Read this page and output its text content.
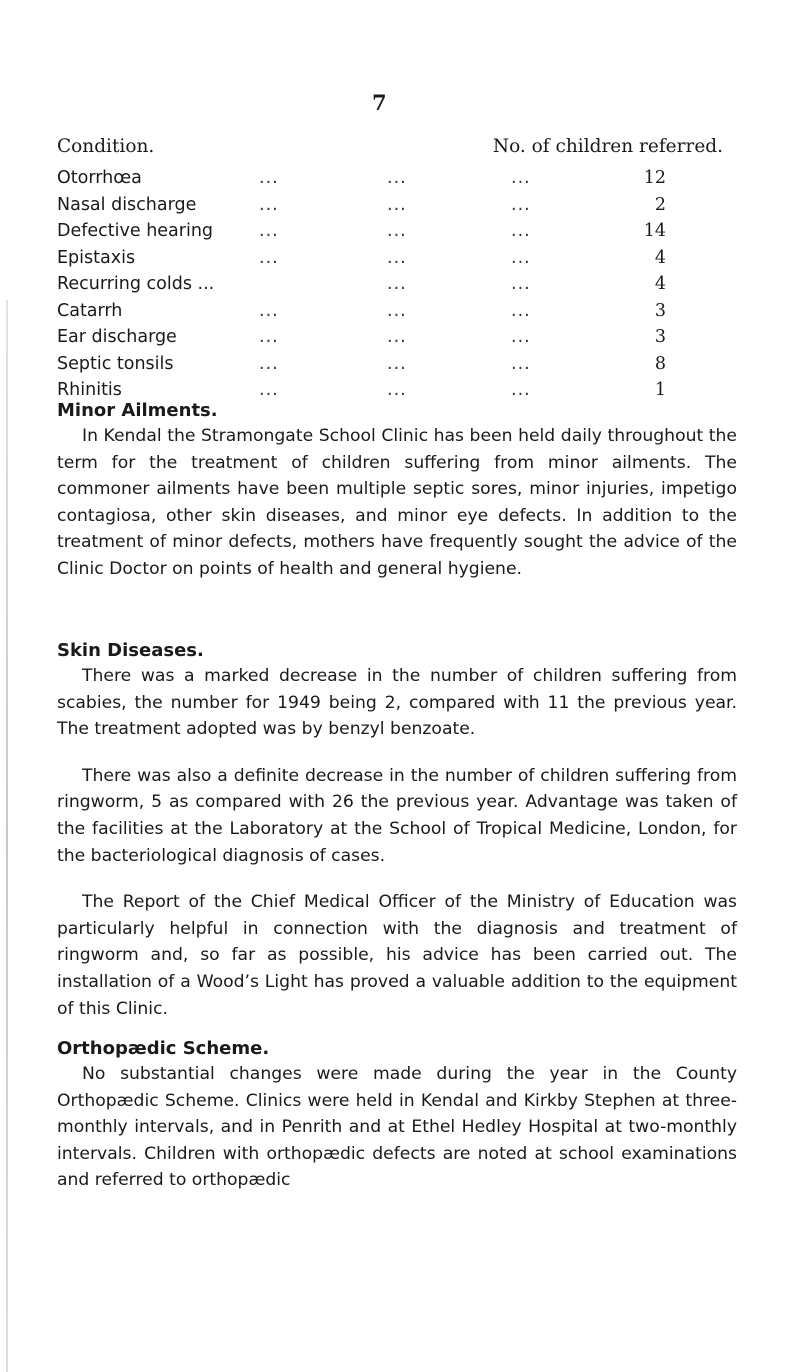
7
Condition.	No. of children referred.
Otorrhœa	...	...	...	12
Nasal discharge	...	...	...	2
Defective hearing	...	...	...	14
Epistaxis	...	...	...	4
Recurring colds ...	...	...	4
Catarrh	...	...	...	3
Ear discharge	...	...	...	3
Septic tonsils	...	...	...	8
Rhinitis	...	...	...	1
Minor Ailments.

In Kendal the Stramongate School Clinic has been held daily throughout the term for the treatment of children suffering from minor ailments. The commoner ailments have been multiple septic sores, minor injuries, impetigo contagiosa, other skin diseases, and minor eye defects. In addition to the treatment of minor defects, mothers have frequently sought the advice of the Clinic Doctor on points of health and general hygiene.

Skin Diseases.

There was a marked decrease in the number of children suffering from scabies, the number for 1949 being 2, compared with 11 the previous year. The treatment adopted was by benzyl benzoate.

There was also a definite decrease in the number of children suffering from ringworm, 5 as compared with 26 the previous year. Advantage was taken of the facilities at the Laboratory at the School of Tropical Medicine, London, for the bacteriological diagnosis of cases.

The Report of the Chief Medical Officer of the Ministry of Education was particularly helpful in connection with the diagnosis and treatment of ringworm and, so far as possible, his advice has been carried out. The installation of a Wood’s Light has proved a valuable addition to the equipment of this Clinic.

Orthopædic Scheme.

No substantial changes were made during the year in the County Orthopædic Scheme. Clinics were held in Kendal and Kirkby Stephen at three-monthly intervals, and in Penrith and at Ethel Hedley Hospital at two-monthly intervals. Children with orthopædic defects are noted at school examinations and referred to orthopædic
